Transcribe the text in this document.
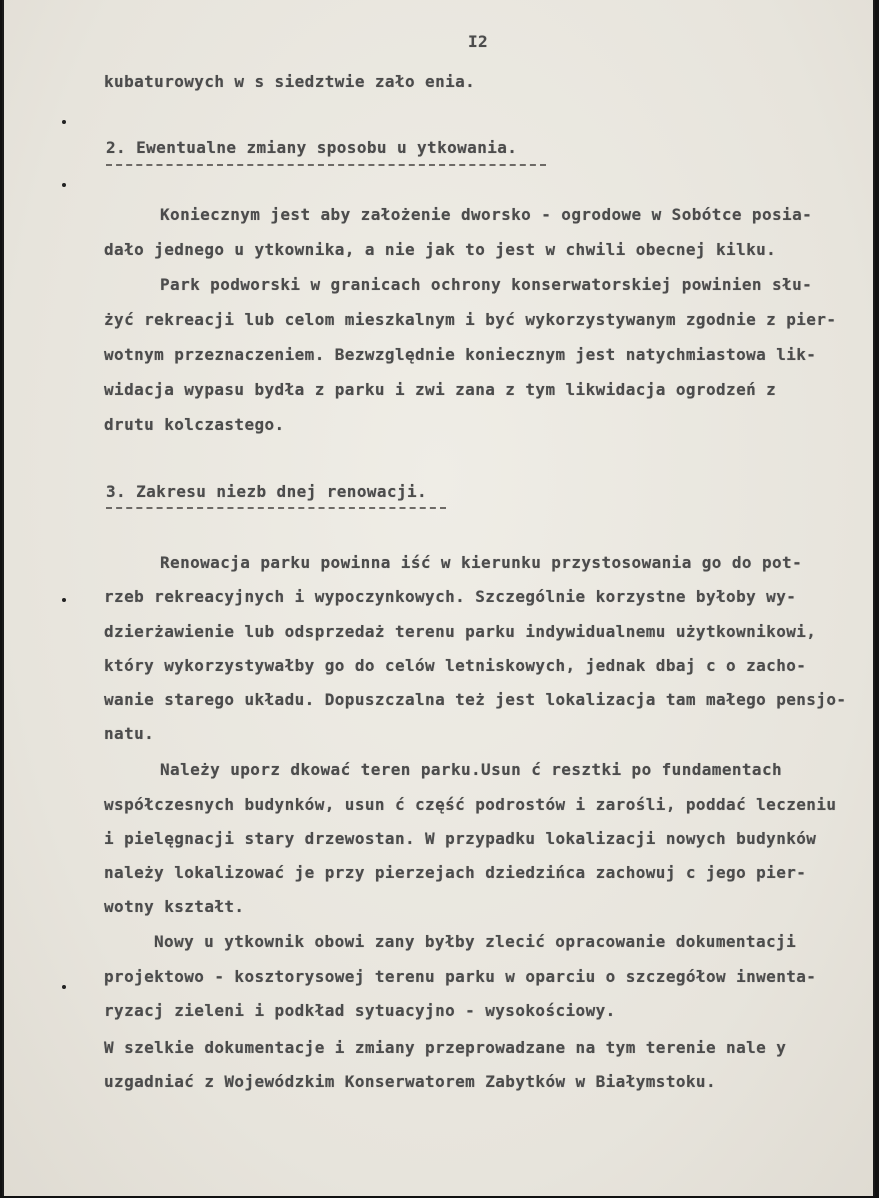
I2
kubaturowych w s siedztwie zało enia.
2. Ewentualne zmiany sposobu u ytkowania.
Koniecznym jest aby założenie dworsko - ogrodowe w Sobótce posia-
dało jednego u ytkownika, a nie jak to jest w chwili obecnej kilku.
Park podworski w granicach ochrony konserwatorskiej powinien słu-
żyć rekreacji lub celom mieszkalnym i być wykorzystywanym zgodnie z pier-
wotnym przeznaczeniem. Bezwzględnie koniecznym jest natychmiastowa lik-
widacja wypasu bydła z parku i zwi zana z tym likwidacja ogrodzeń z
drutu kolczastego.
3. Zakresu niezb dnej renowacji.
Renowacja parku powinna iść w kierunku przystosowania go do pot-
rzeb rekreacyjnych i wypoczynkowych. Szczególnie korzystne byłoby wy-
dzierżawienie lub odsprzedaż terenu parku indywidualnemu użytkownikowi,
który wykorzystywałby go do celów letniskowych, jednak dbaj c o zacho-
wanie starego układu. Dopuszczalna też jest lokalizacja tam małego pensjo-
natu.
Należy uporz dkować teren parku.Usun ć resztki po fundamentach
współczesnych budynków, usun ć część podrostów i zarośli, poddać leczeniu
i pielęgnacji stary drzewostan. W przypadku lokalizacji nowych budynków
należy lokalizować je przy pierzejach dziedzińca zachowuj c jego pier-
wotny kształt.
Nowy u ytkownik obowi zany byłby zlecić opracowanie dokumentacji
projektowo - kosztorysowej terenu parku w oparciu o szczegółow inwenta-
ryzacj zieleni i podkład sytuacyjno - wysokościowy.
W szelkie dokumentacje i zmiany przeprowadzane na tym terenie nale y
uzgadniać z Wojewódzkim Konserwatorem Zabytków w Białymstoku.
